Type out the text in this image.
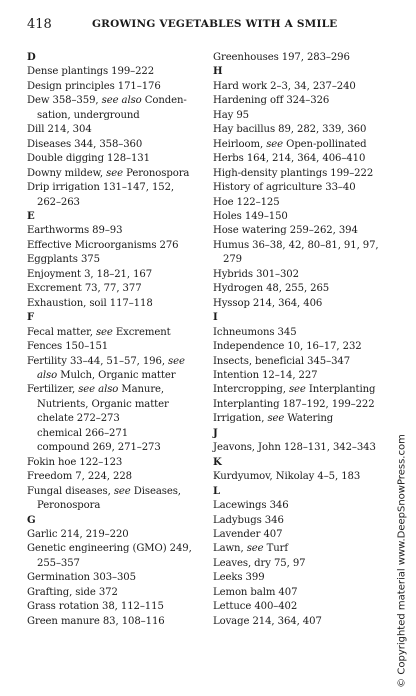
418	GROWING VEGETABLES WITH A SMILE
D
Dense plantings 199–222
Design principles 171–176
Dew 358–359, see also Conden-
sation, underground
Dill 214, 304
Diseases 344, 358–360
Double digging 128–131
Downy mildew, see Peronospora
Drip irrigation 131–147, 152,
262–263
E
Earthworms 89–93
Effective Microorganisms 276
Eggplants 375
Enjoyment 3, 18–21, 167
Excrement 73, 77, 377
Exhaustion, soil 117–118
F
Fecal matter, see Excrement
Fences 150–151
Fertility 33–44, 51–57, 196, see
also Mulch, Organic matter
Fertilizer, see also Manure,
Nutrients, Organic matter
chelate 272–273
chemical 266–271
compound 269, 271–273
Fokin hoe 122–123
Freedom 7, 224, 228
Fungal diseases, see Diseases,
Peronospora
G
Garlic 214, 219–220
Genetic engineering (GMO) 249,
255–357
Germination 303–305
Grafting, side 372
Grass rotation 38, 112–115
Green manure 83, 108–116
Greenhouses 197, 283–296
H
Hard work 2–3, 34, 237–240
Hardening off 324–326
Hay 95
Hay bacillus 89, 282, 339, 360
Heirloom, see Open-pollinated
Herbs 164, 214, 364, 406–410
High-density plantings 199–222
History of agriculture 33–40
Hoe 122–125
Holes 149–150
Hose watering 259–262, 394
Humus 36–38, 42, 80–81, 91, 97,
279
Hybrids 301–302
Hydrogen 48, 255, 265
Hyssop 214, 364, 406
I
Ichneumons 345
Independence 10, 16–17, 232
Insects, beneficial 345–347
Intention 12–14, 227
Intercropping, see Interplanting
Interplanting 187–192, 199–222
Irrigation, see Watering
J
Jeavons, John 128–131, 342–343
K
Kurdyumov, Nikolay 4–5, 183
L
Lacewings 346
Ladybugs 346
Lavender 407
Lawn, see Turf
Leaves, dry 75, 97
Leeks 399
Lemon balm 407
Lettuce 400–402
Lovage 214, 364, 407	© Copyrighted material www.DeepSnowPress.com
